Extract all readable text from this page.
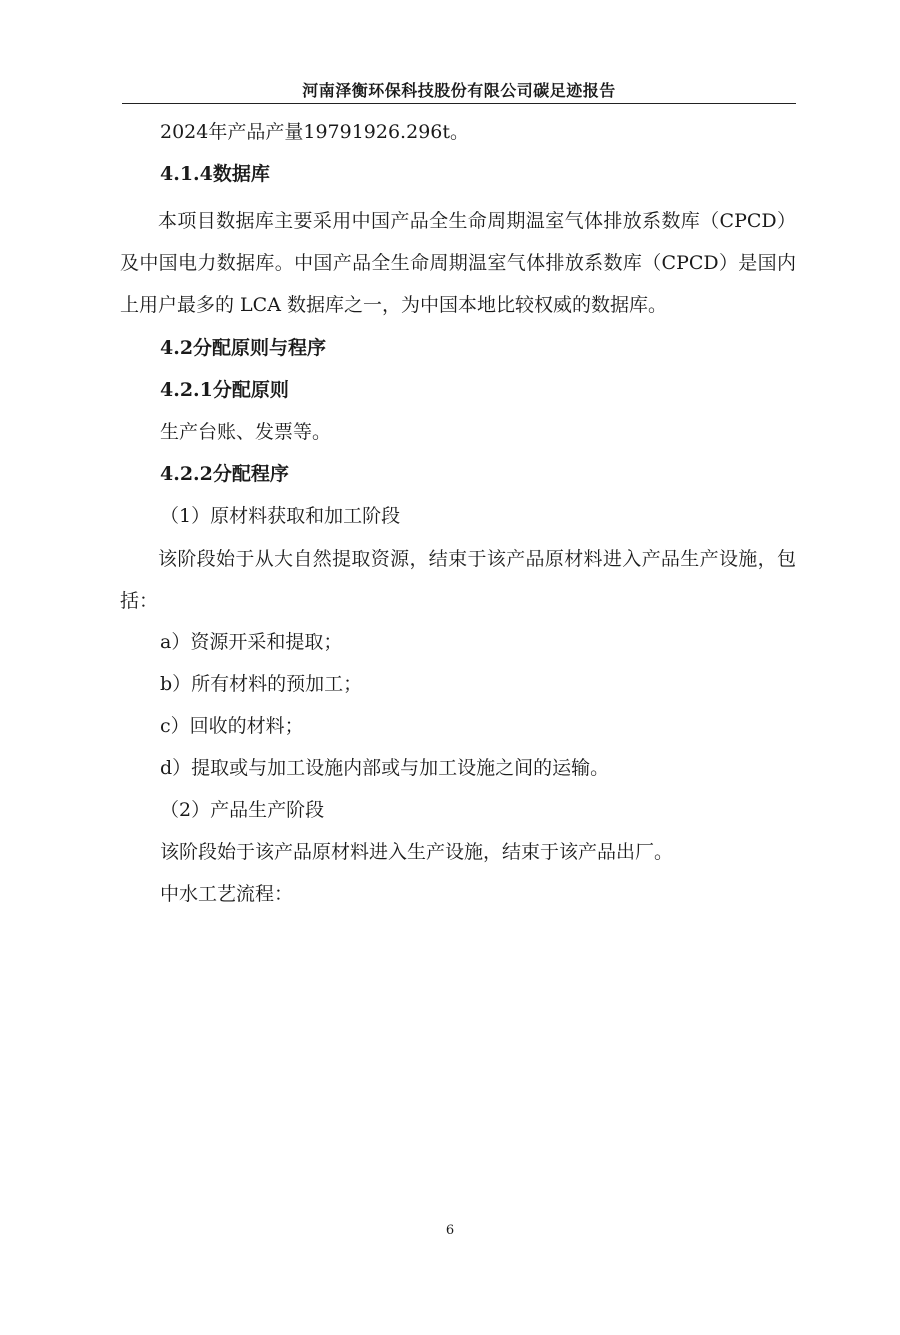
河南泽衡环保科技股份有限公司碳足迹报告
2024年产品产量19791926.296t。
4.1.4数据库
本项目数据库主要采用中国产品全生命周期温室气体排放系数库（CPCD）及中国电力数据库。中国产品全生命周期温室气体排放系数库（CPCD）是国内上用户最多的 LCA 数据库之一，为中国本地比较权威的数据库。
4.2分配原则与程序
4.2.1分配原则
生产台账、发票等。
4.2.2分配程序
（1）原材料获取和加工阶段
该阶段始于从大自然提取资源，结束于该产品原材料进入产品生产设施，包括：
a）资源开采和提取；
b）所有材料的预加工；
c）回收的材料；
d）提取或与加工设施内部或与加工设施之间的运输。
（2）产品生产阶段
该阶段始于该产品原材料进入生产设施，结束于该产品出厂。
中水工艺流程：
6
